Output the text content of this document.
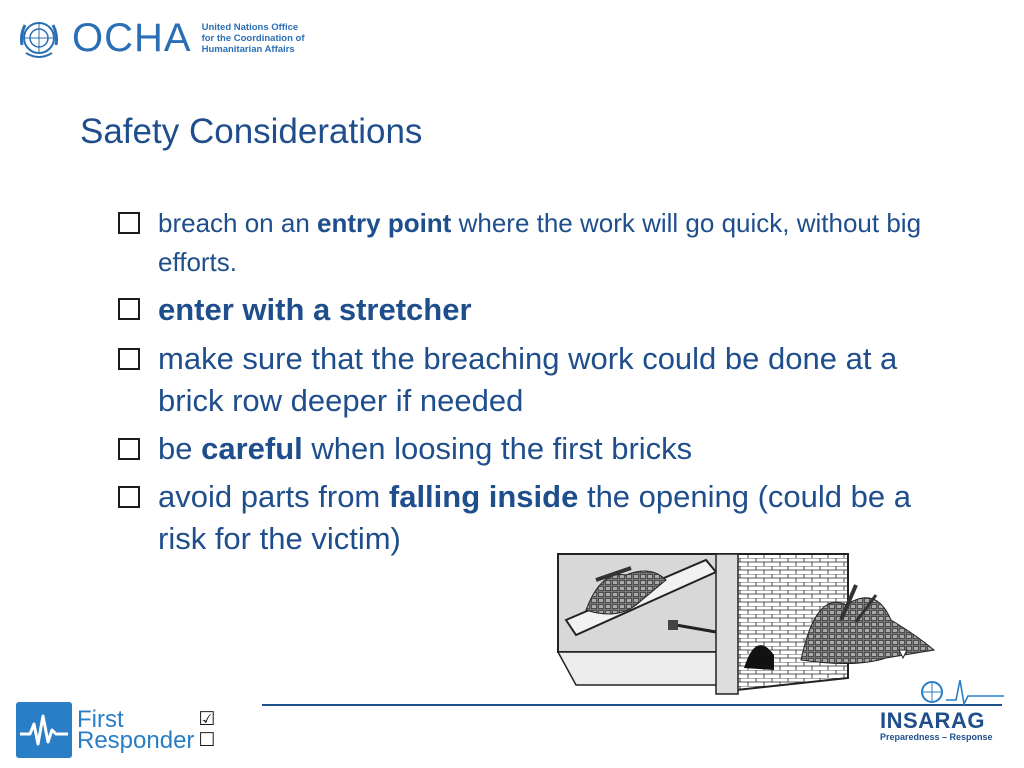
OCHA United Nations Office
for the Coordination of
Humanitarian Affairs
Safety Considerations
breach on an entry point where the work will go quick, without big efforts.
enter with a stretcher
make sure that the breaching work could be done at a brick row deeper if needed
be careful when loosing the first bricks
avoid parts from falling inside the opening (could be a risk for the victim)
First
Responder
☑
☐
INSARAG
Preparedness – Response
